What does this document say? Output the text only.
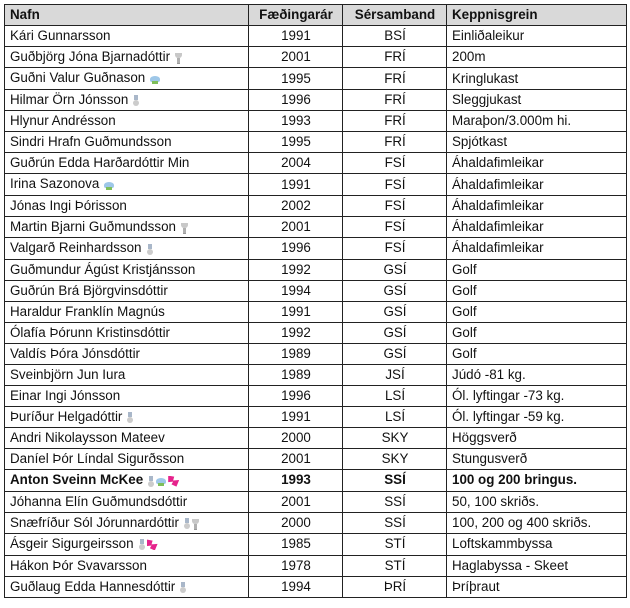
Nafn	Fæðingarár	Sérsamband	Keppnisgrein
Kári Gunnarsson	1991	BSÍ	Einliðaleikur
Guðbjörg Jóna Bjarnadóttir	2001	FRÍ	200m
Guðni Valur Guðnason	1995	FRÍ	Kringlukast
Hilmar Örn Jónsson	1996	FRÍ	Sleggjukast
Hlynur Andrésson	1993	FRÍ	Maraþon/3.000m hi.
Sindri Hrafn Guðmundsson	1995	FRÍ	Spjótkast
Guðrún Edda Harðardóttir Min	2004	FSÍ	Áhaldafimleikar
Irina Sazonova	1991	FSÍ	Áhaldafimleikar
Jónas Ingi Þórisson	2002	FSÍ	Áhaldafimleikar
Martin Bjarni Guðmundsson	2001	FSÍ	Áhaldafimleikar
Valgarð Reinhardsson	1996	FSÍ	Áhaldafimleikar
Guðmundur Ágúst Kristjánsson	1992	GSÍ	Golf
Guðrún Brá Björgvinsdóttir	1994	GSÍ	Golf
Haraldur Franklín Magnús	1991	GSÍ	Golf
Ólafía Þórunn Kristinsdóttir	1992	GSÍ	Golf
Valdís Þóra Jónsdóttir	1989	GSÍ	Golf
Sveinbjörn Jun Iura	1989	JSÍ	Júdó -81 kg.
Einar Ingi Jónsson	1996	LSÍ	Ól. lyftingar -73 kg.
Þuríður Helgadóttir	1991	LSÍ	Ól. lyftingar -59 kg.
Andri Nikolaysson Mateev	2000	SKY	Höggsverð
Daníel Þór Líndal Sigurðsson	2001	SKY	Stungusverð
Anton Sveinn McKee	1993	SSÍ	100 og 200 bringus.
Jóhanna Elín Guðmundsdóttir	2001	SSÍ	50, 100 skriðs.
Snæfríður Sól Jórunnardóttir	2000	SSÍ	100, 200 og 400 skriðs.
Ásgeir Sigurgeirsson	1985	STÍ	Loftskammbyssa
Hákon Þór Svavarsson	1978	STÍ	Haglabyssa - Skeet
Guðlaug Edda Hannesdóttir	1994	ÞRÍ	Þríþraut
